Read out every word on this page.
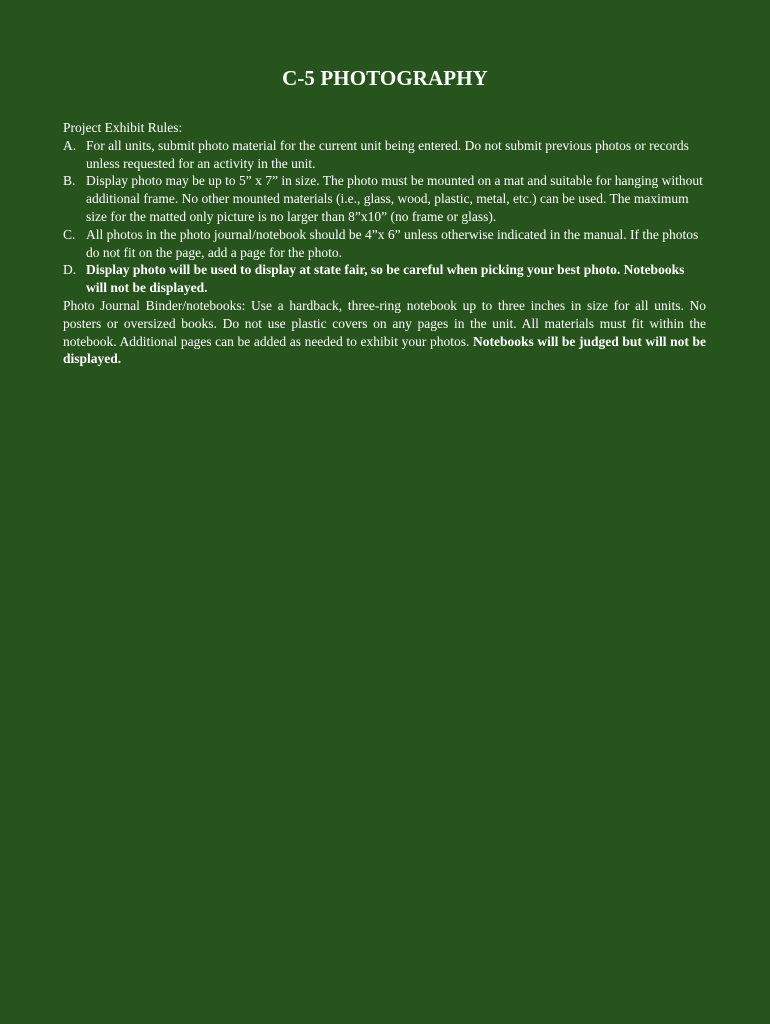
C-5 PHOTOGRAPHY

Project Exhibit Rules:

A. For all units, submit photo material for the current unit being entered. Do not submit previous photos or records unless requested for an activity in the unit.
B. Display photo may be up to 5” x 7” in size. The photo must be mounted on a mat and suitable for hanging without additional frame. No other mounted materials (i.e., glass, wood, plastic, metal, etc.) can be used. The maximum size for the matted only picture is no larger than 8”x10” (no frame or glass).
C. All photos in the photo journal/notebook should be 4”x 6” unless otherwise indicated in the manual. If the photos do not fit on the page, add a page for the photo.
D. Display photo will be used to display at state fair, so be careful when picking your best photo. Notebooks will not be displayed.

Photo Journal Binder/notebooks: Use a hardback, three-ring notebook up to three inches in size for all units. No posters or oversized books. Do not use plastic covers on any pages in the unit. All materials must fit within the notebook. Additional pages can be added as needed to exhibit your photos. Notebooks will be judged but will not be displayed.
